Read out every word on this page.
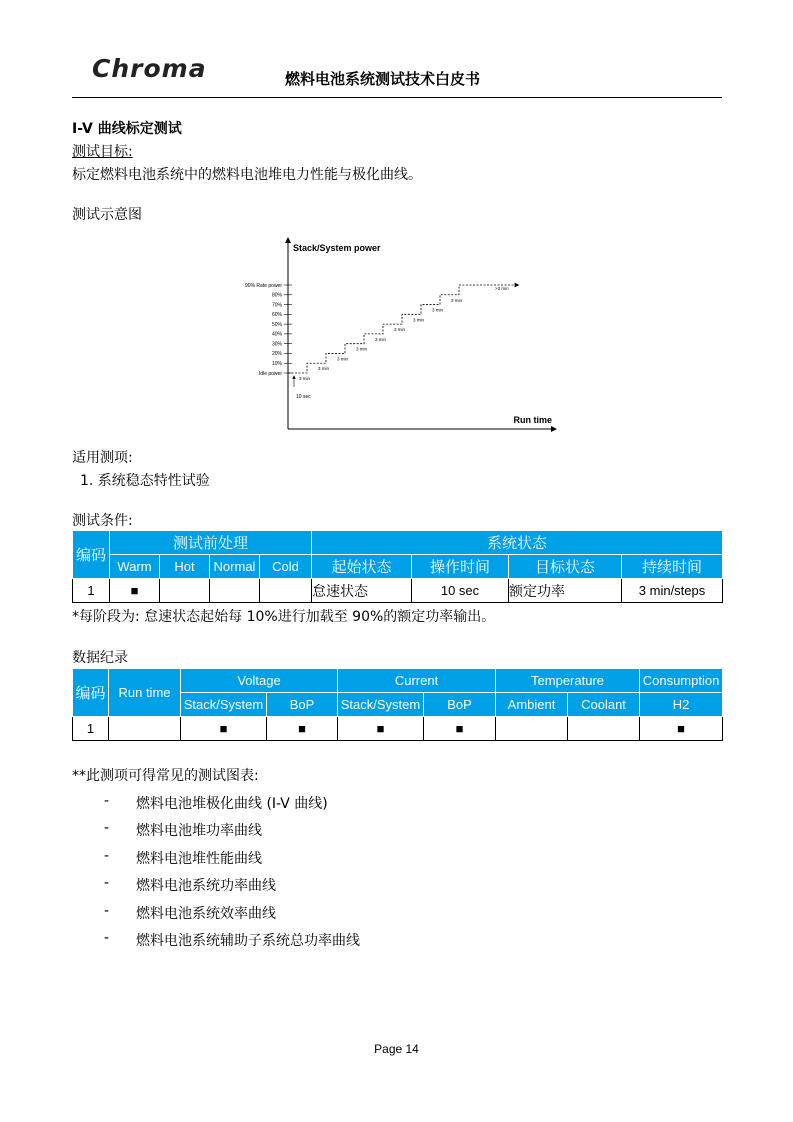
Chroma	燃料电池系统测试技术白皮书
I-V 曲线标定测试
测试目标:
标定燃料电池系统中的燃料电池堆电力性能与极化曲线。
测试示意图
Stack/System power
Run time
90% Rate power
80%
70%
60%
50%
40%
30%
20%
10%
Idle power
3 min
3 min
3 min
3 min
3 min
3 min
3 min
3 min
3 min
>3 min
10 sec
适用测项:
1. 系统稳态特性试验
测试条件:
编码	测试前处理				系统状态			
	Warm	Hot	Normal	Cold	起始状态	操作时间	目标状态	持续时间
1	■				怠速状态	10 sec	额定功率	3 min/steps
*每阶段为: 怠速状态起始每 10%进行加载至 90%的额定功率输出。
数据纪录
编码	Run time	Voltage		Current		Temperature		Consumption
		Stack/System	BoP	Stack/System	BoP	Ambient	Coolant	H2
1		■	■	■	■			■
**此测项可得常见的测试图表:
- 燃料电池堆极化曲线 (I-V 曲线)
- 燃料电池堆功率曲线
- 燃料电池堆性能曲线
- 燃料电池系统功率曲线
- 燃料电池系统效率曲线
- 燃料电池系统辅助子系统总功率曲线
Page 14
